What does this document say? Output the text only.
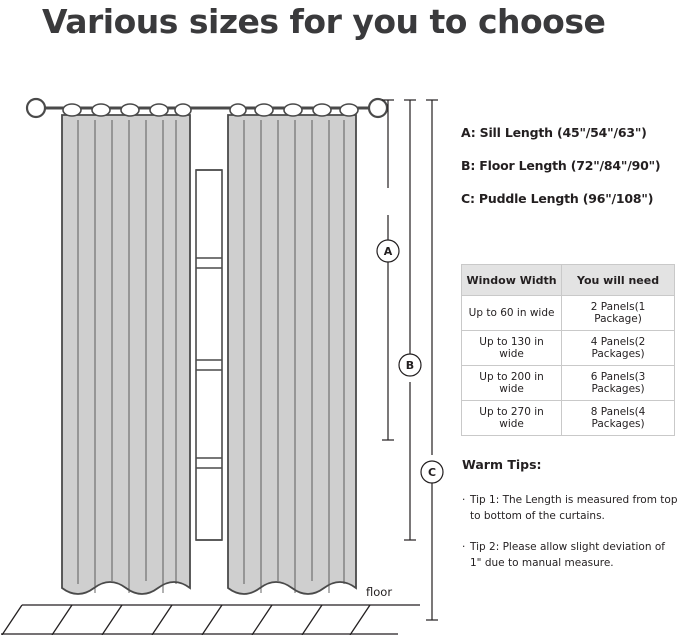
Various sizes for you to choose
A
B
C
floor
A: Sill Length (45"/54"/63")
B: Floor Length (72"/84"/90")
C: Puddle Length (96"/108")
Window Width	You will need
Up to 60 in wide	2 Panels(1 Package)
Up to 130 in wide	4 Panels(2 Packages)
Up to 200 in wide	6 Panels(3 Packages)
Up to 270 in wide	8 Panels(4 Packages)
Warm Tips:
· Tip 1: The Length is measured from top to bottom of the curtains.
· Tip 2: Please allow slight deviation of 1" due to manual measure.
